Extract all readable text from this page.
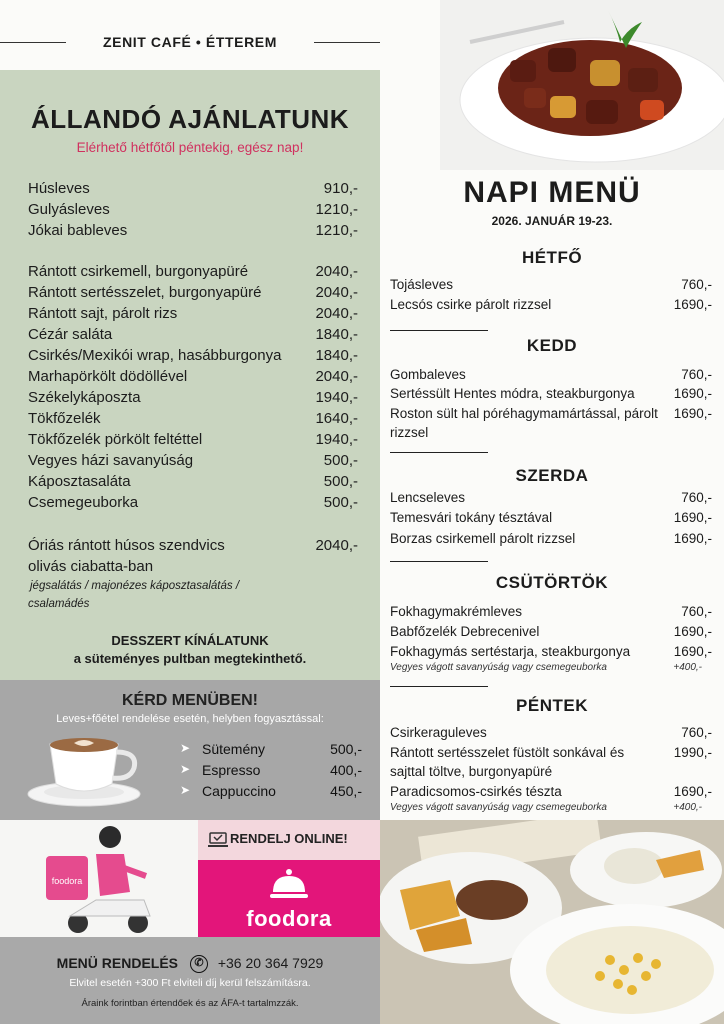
ZENIT CAFÉ • ÉTTEREM
ÁLLANDÓ AJÁNLATUNK
Elérhető hétfőtől péntekig, egész nap!
Húsleves	910,-
Gulyásleves	1210,-
Jókai bableves	1210,-
Rántott csirkemell, burgonyapüré	2040,-
Rántott sertésszelet, burgonyapüré	2040,-
Rántott sajt, párolt rizs	2040,-
Cézár saláta	1840,-
Csirkés/Mexikói wrap, hasábburgonya 1840,-
Marhapörkölt dödöllével	2040,-
Székelykáposzta	1940,-
Tökfőzelék	1640,-
Tökfőzelék pörkölt feltéttel	1940,-
Vegyes házi savanyúság	500,-
Káposztasaláta	500,-
Csemegeuborka	500,-
Óriás rántott húsos szendvics	2040,-
olivás ciabatta-ban
jégsalátás / majonézes káposztasalátás /
csalamádés
DESSZERT KÍNÁLATUNK
a süteményes pultban megtekinthető.
KÉRD MENÜBEN!
Leves+főétel rendelése esetén, helyben fogyasztással:
➤ Sütemény	500,-
➤ Espresso	400,-
➤ Cappuccino	450,-
foodora
RENDELJ ONLINE!
foodora
MENÜ RENDELÉS ✆ +36 20 364 7929
Elvitel esetén +300 Ft elviteli díj kerül felszámításra.
Áraink forintban értendőek és az ÁFA-t tartalmzzák.
NAPI MENÜ
2026. JANUÁR 19-23.
HÉTFŐ
Tojásleves	760,-
Lecsós csirke párolt rizzsel	1690,-
KEDD
Gombaleves	760,-
Sertéssült Hentes módra, steakburgonya	1690,-
Roston sült hal póréhagymamártással, párolt rizzsel
1690,-
SZERDA
Lencseleves	760,-
Temesvári tokány tésztával	1690,-
Borzas csirkemell párolt rizzsel	1690,-
CSÜTÖRTÖK
Fokhagymakrémleves	760,-
Babfőzelék Debrecenivel	1690,-
Fokhagymás sertéstarja, steakburgonya	1690,-
Vegyes vágott savanyúság vagy csemegeuborka	+400,-
PÉNTEK
Csirkeraguleves	760,-
Rántott sertésszelet füstölt sonkával és sajttal töltve, burgonyapüré
1990,-
Paradicsomos-csirkés tészta	1690,-
Vegyes vágott savanyúság vagy csemegeuborka	+400,-
